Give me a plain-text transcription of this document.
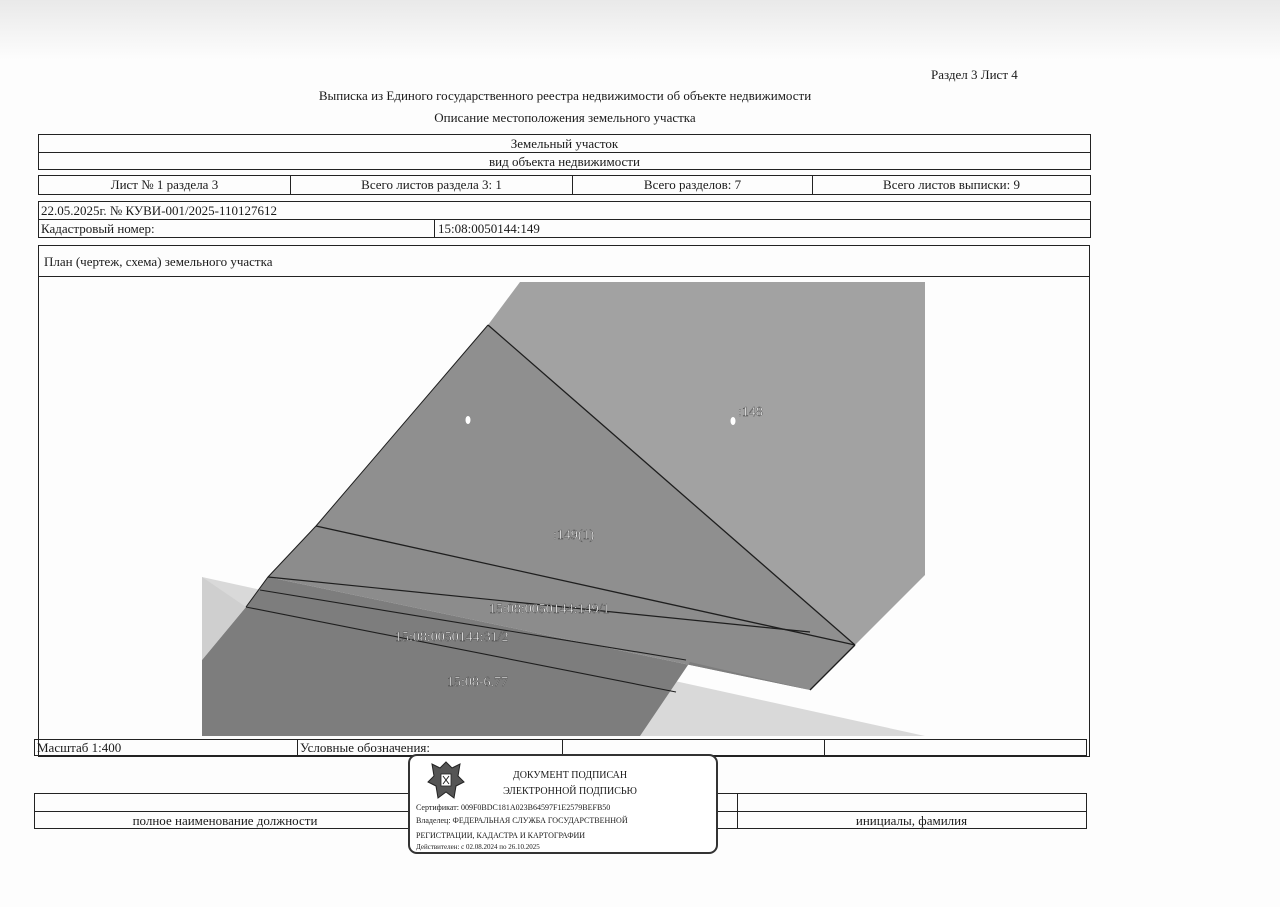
Раздел 3 Лист 4
Выписка из Единого государственного реестра недвижимости об объекте недвижимости
Описание местоположения земельного участка
Земельный участок
вид объекта недвижимости
Лист № 1 раздела 3	Всего листов раздела 3: 1	Всего разделов: 7	Всего листов выписки: 9
22.05.2025г. № КУВИ-001/2025-110127612
Кадастровый номер:	15:08:0050144:149
План (чертеж, схема) земельного участка
:148
:149(1)
15:08:0050144:149/1
15:08:0050144:31/2
15:08-6.77
Масштаб 1:400	Условные обозначения:
полное наименование должности	инициалы, фамилия
ДОКУМЕНТ ПОДПИСАН
ЭЛЕКТРОННОЙ ПОДПИСЬЮ
Сертификат: 009F0BDC181A023B64597F1E2579BEFB50
Владелец: ФЕДЕРАЛЬНАЯ СЛУЖБА ГОСУДАРСТВЕННОЙ
РЕГИСТРАЦИИ, КАДАСТРА И КАРТОГРАФИИ
Действителен: с 02.08.2024 по 26.10.2025
